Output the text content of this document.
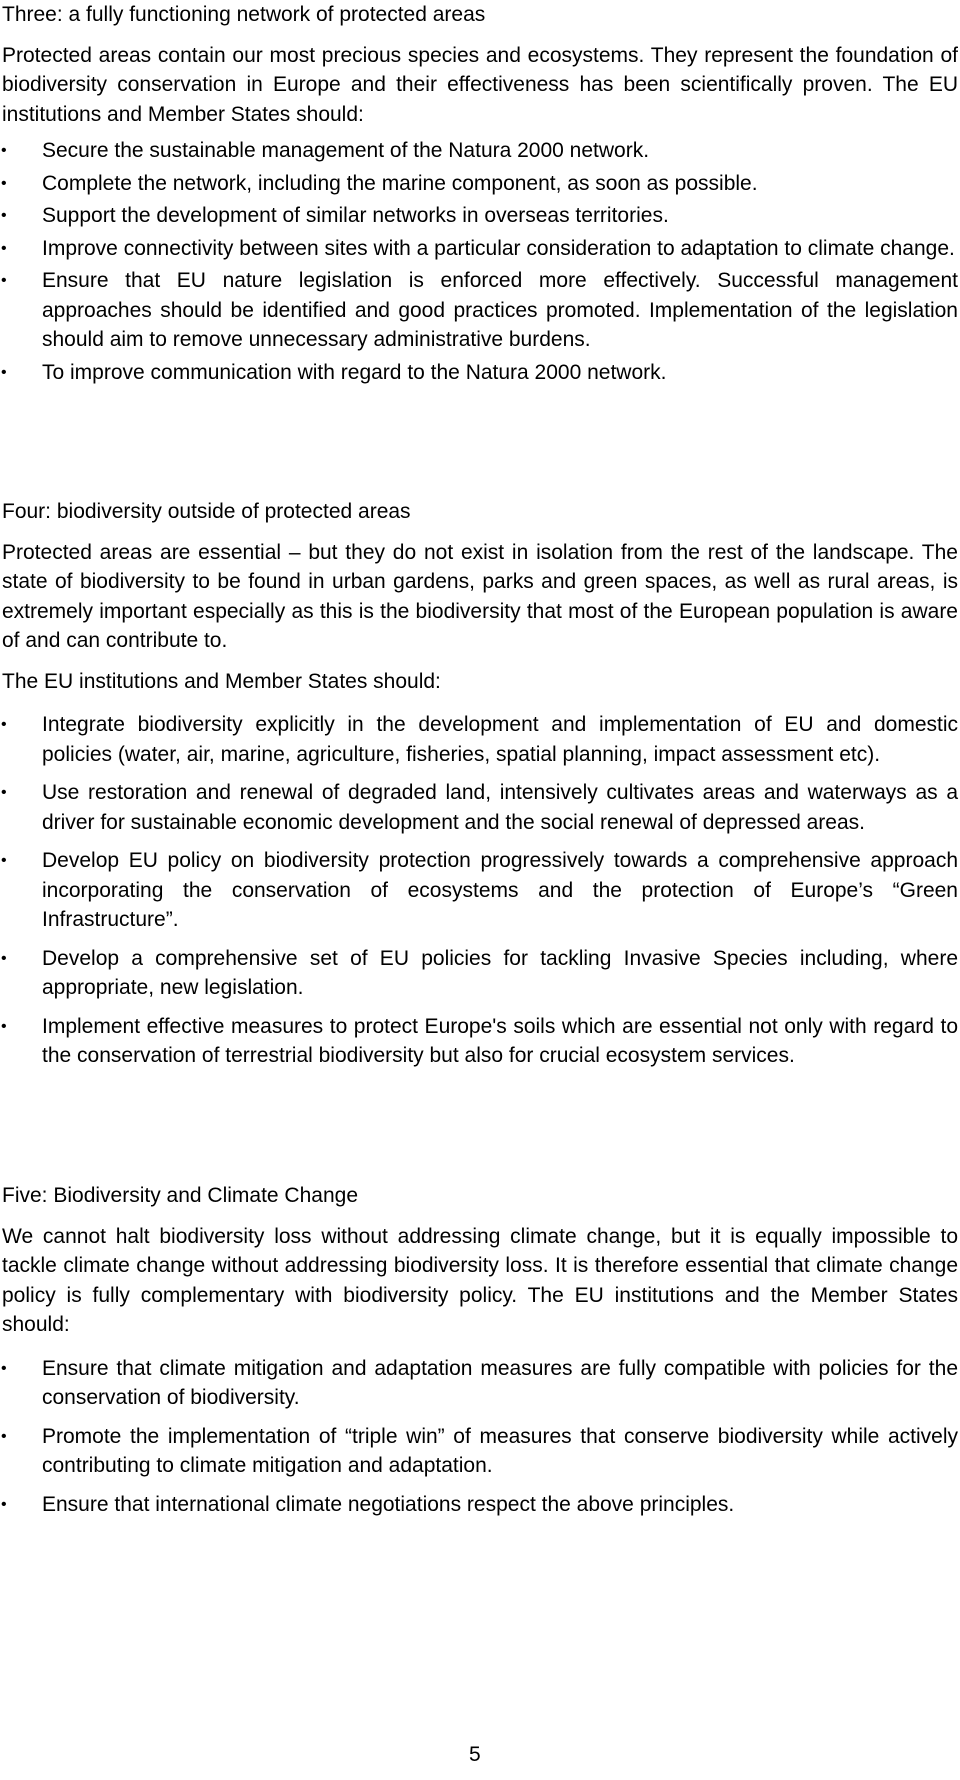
Three: a fully functioning network of protected areas

Protected areas contain our most precious species and ecosystems. They represent the foundation of biodiversity conservation in Europe and their effectiveness has been scientifically proven. The EU institutions and Member States should:

•	Secure the sustainable management of the Natura 2000 network.
•	Complete the network, including the marine component, as soon as possible.
•	Support the development of similar networks in overseas territories.
•	Improve connectivity between sites with a particular consideration to adaptation to climate change.
•	Ensure that EU nature legislation is enforced more effectively. Successful management approaches should be identified and good practices promoted. Implementation of the legislation should aim to remove unnecessary administrative burdens.
•	To improve communication with regard to the Natura 2000 network.
Four: biodiversity outside of protected areas

Protected areas are essential – but they do not exist in isolation from the rest of the landscape. The state of biodiversity to be found in urban gardens, parks and green spaces, as well as rural areas, is extremely important especially as this is the biodiversity that most of the European population is aware of and can contribute to.

The EU institutions and Member States should:

•	Integrate biodiversity explicitly in the development and implementation of EU and domestic policies (water, air, marine, agriculture, fisheries, spatial planning, impact assessment etc).
•	Use restoration and renewal of degraded land, intensively cultivates areas and waterways as a driver for sustainable economic development and the social renewal of depressed areas.
•	Develop EU policy on biodiversity protection progressively towards a comprehensive approach incorporating the conservation of ecosystems and the protection of Europe’s “Green Infrastructure”.
•	Develop a comprehensive set of EU policies for tackling Invasive Species including, where appropriate, new legislation.
•	Implement effective measures to protect Europe's soils which are essential not only with regard to the conservation of terrestrial biodiversity but also for crucial ecosystem services.
Five: Biodiversity and Climate Change

We cannot halt biodiversity loss without addressing climate change, but it is equally impossible to tackle climate change without addressing biodiversity loss. It is therefore essential that climate change policy is fully complementary with biodiversity policy. The EU institutions and the Member States should:

•	Ensure that climate mitigation and adaptation measures are fully compatible with policies for the conservation of biodiversity.
•	Promote the implementation of “triple win” of measures that conserve biodiversity while actively contributing to climate mitigation and adaptation.
•	Ensure that international climate negotiations respect the above principles.
5
